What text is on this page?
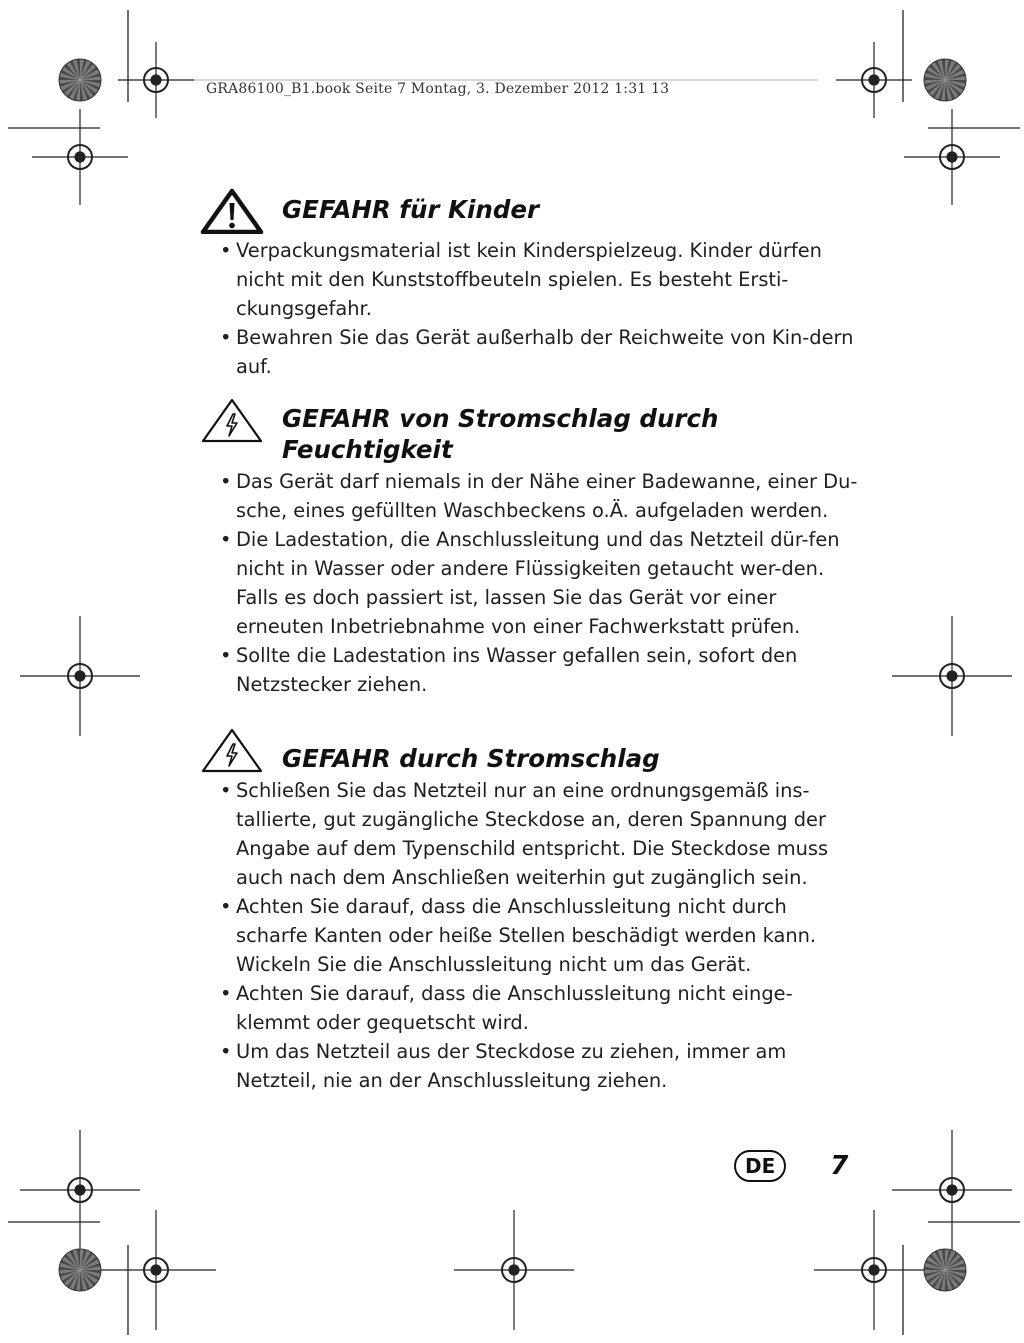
GRA86100_B1.book Seite 7 Montag, 3. Dezember 2012 1:31 13
GEFAHR für Kinder
• Verpackungsmaterial ist kein Kinderspielzeug. Kinder dürfen nicht mit den Kunststoffbeuteln spielen. Es besteht Ersti-ckungsgefahr.
• Bewahren Sie das Gerät außerhalb der Reichweite von Kin-dern auf.
GEFAHR von Stromschlag durch Feuchtigkeit
• Das Gerät darf niemals in der Nähe einer Badewanne, einer Du-sche, eines gefüllten Waschbeckens o.Ä. aufgeladen werden.
• Die Ladestation, die Anschlussleitung und das Netzteil dür-fen nicht in Wasser oder andere Flüssigkeiten getaucht wer-den. Falls es doch passiert ist, lassen Sie das Gerät vor einer erneuten Inbetriebnahme von einer Fachwerkstatt prüfen.
• Sollte die Ladestation ins Wasser gefallen sein, sofort den Netzstecker ziehen.
GEFAHR durch Stromschlag
• Schließen Sie das Netzteil nur an eine ordnungsgemäß ins-tallierte, gut zugängliche Steckdose an, deren Spannung der Angabe auf dem Typenschild entspricht. Die Steckdose muss auch nach dem Anschließen weiterhin gut zugänglich sein.
• Achten Sie darauf, dass die Anschlussleitung nicht durch scharfe Kanten oder heiße Stellen beschädigt werden kann. Wickeln Sie die Anschlussleitung nicht um das Gerät.
• Achten Sie darauf, dass die Anschlussleitung nicht einge-klemmt oder gequetscht wird.
• Um das Netzteil aus der Steckdose zu ziehen, immer am Netzteil, nie an der Anschlussleitung ziehen.
DE	7
